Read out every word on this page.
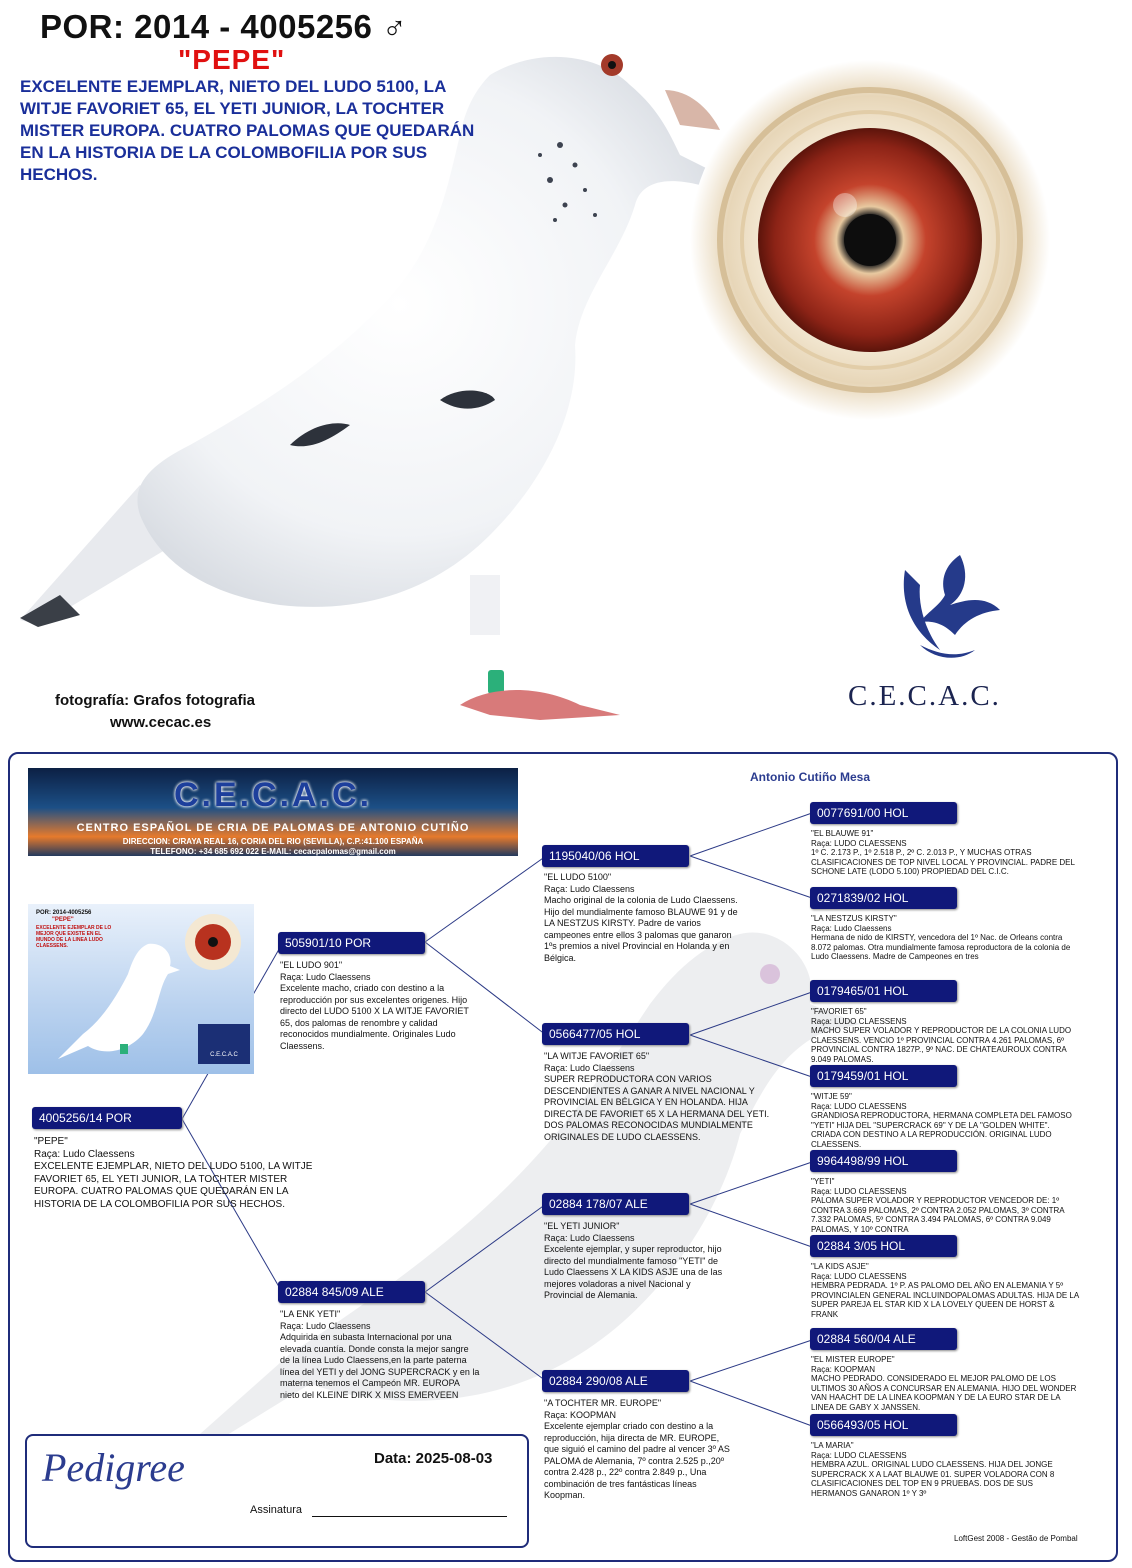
POR: 2014 - 4005256 ♂
"PEPE"
EXCELENTE EJEMPLAR, NIETO DEL LUDO 5100, LA WITJE FAVORIET 65, EL YETI JUNIOR, LA TOCHTER MISTER EUROPA. CUATRO PALOMAS QUE QUEDARÁN EN LA HISTORIA DE LA COLOMBOFILIA POR SUS HECHOS.
fotografía: Grafos fotografia
www.cecac.es
C.E.C.A.C.
Antonio Cutiño Mesa
C.E.C.A.C.
CENTRO ESPAÑOL DE CRIA DE PALOMAS DE ANTONIO CUTIÑO
DIRECCION: C/RAYA REAL 16, CORIA DEL RIO (SEVILLA), C.P.:41.100 ESPAÑA
TELEFONO: +34 685 692 022 E-MAIL: cecacpalomas@gmail.com
POR: 2014-4005256
"PEPE"
EXCELENTE EJEMPLAR DE LO MEJOR QUE EXISTE EN EL MUNDO DE LA LINEA LUDO CLAESSENS.
C.E.C.A.C
4005256/14 POR
"PEPE"
Raça: Ludo Claessens
EXCELENTE EJEMPLAR, NIETO DEL LUDO 5100, LA WITJE FAVORIET 65, EL YETI JUNIOR, LA TOCHTER MISTER EUROPA. CUATRO PALOMAS QUE QUEDARÁN EN LA HISTORIA DE LA COLOMBOFILIA POR SUS HECHOS.
505901/10 POR
"EL LUDO 901"
Raça: Ludo Claessens
Excelente macho, criado con destino a la reproducción por sus excelentes origenes. Hijo directo del LUDO 5100 X LA WITJE FAVORIET 65, dos palomas de renombre y calidad reconocidos mundialmente. Originales Ludo Claessens.
02884 845/09 ALE
"LA ENK YETI"
Raça: Ludo Claessens
Adquirida en subasta Internacional por una elevada cuantía. Donde consta la mejor sangre de la línea Ludo Claessens,en la parte paterna línea del YETI y del JONG SUPERCRACK y en la materna tenemos el Campeón MR. EUROPA nieto del KLEINE DIRK X MISS EMERVEEN
1195040/06 HOL
"EL LUDO 5100"
Raça: Ludo Claessens
Macho original de la colonia de Ludo Claessens. Hijo del mundialmente famoso BLAUWE 91 y de LA NESTZUS KIRSTY. Padre de varios campeones entre ellos 3 palomas que ganaron 1ºs premios a nivel Provincial en Holanda y en Bélgica.
0566477/05 HOL
"LA WITJE FAVORIET 65"
Raça: Ludo Claessens
SUPER REPRODUCTORA CON VARIOS DESCENDIENTES A GANAR A NIVEL NACIONAL Y PROVINCIAL EN BÉLGICA Y EN HOLANDA. HIJA DIRECTA DE FAVORIET 65 X LA HERMANA DEL YETI. DOS PALOMAS RECONOCIDAS MUNDIALMENTE ORIGINALES DE LUDO CLAESSENS.
02884 178/07 ALE
"EL YETI JUNIOR"
Raça: Ludo Claessens
Excelente ejemplar, y super reproductor, hijo directo del mundialmente famoso "YETI" de Ludo Claessens X LA KIDS ASJE una de las mejores voladoras a nivel Nacional y Provincial de Alemania.
02884 290/08 ALE
"A TOCHTER MR. EUROPE"
Raça: KOOPMAN
Excelente ejemplar criado con destino a la reproducción, hija directa de MR. EUROPE, que siguió el camino del padre al vencer 3º AS PALOMA de Alemania, 7º contra 2.525 p.,20º contra 2.428 p., 22º contra 2.849 p., Una combinación de tres fantásticas líneas Koopman.
0077691/00 HOL
"EL BLAUWE 91"
Raça: LUDO CLAESSENS
1º C. 2.173 P., 1º 2.518 P., 2º C. 2.013 P., Y MUCHAS OTRAS CLASIFICACIONES DE TOP NIVEL LOCAL Y PROVINCIAL. PADRE DEL SCHONE LATE (LODO 5.100) PROPIEDAD DEL C.I.C.
0271839/02 HOL
"LA NESTZUS KIRSTY"
Raça: Ludo Claessens
Hermana de nido de KIRSTY, vencedora del 1º Nac. de Orleans contra 8.072 palomas. Otra mundialmente famosa reproductora de la colonia de Ludo Claessens. Madre de Campeones en tres
0179465/01 HOL
"FAVORIET 65"
Raça: LUDO CLAESSENS
MACHO SUPER VOLADOR Y REPRODUCTOR DE LA COLONIA LUDO CLAESSENS. VENCIO 1º PROVINCIAL CONTRA 4.261 PALOMAS, 6º PROVINCIAL CONTRA 1827P., 9º NAC. DE CHATEAUROUX CONTRA 9.049 PALOMAS.
0179459/01 HOL
"WITJE 59"
Raça: LUDO CLAESSENS
GRANDIOSA REPRODUCTORA, HERMANA COMPLETA DEL FAMOSO "YETI" HIJA DEL "SUPERCRACK 69" Y DE LA "GOLDEN WHITE". CRIADA CON DESTINO A LA REPRODUCCIÓN. ORIGINAL LUDO CLAESSENS.
9964498/99 HOL
"YETI"
Raça: LUDO CLAESSENS
PALOMA SUPER VOLADOR Y REPRODUCTOR VENCEDOR DE: 1º CONTRA 3.669 PALOMAS, 2º CONTRA 2.052 PALOMAS, 3º CONTRA 7.332 PALOMAS, 5º CONTRA 3.494 PALOMAS, 6º CONTRA 9.049 PALOMAS, Y 10º CONTRA
02884 3/05 HOL
"LA KIDS ASJE"
Raça: LUDO CLAESSENS
HEMBRA PEDRADA. 1º P. AS PALOMO DEL AÑO EN ALEMANIA Y 5º PROVINCIALEN GENERAL INCLUINDOPALOMAS ADULTAS. HIJA DE LA SUPER PAREJA EL STAR KID X LA LOVELY QUEEN DE HORST & FRANK
02884 560/04 ALE
"EL MISTER EUROPE"
Raça: KOOPMAN
MACHO PEDRADO. CONSIDERADO EL MEJOR PALOMO DE LOS ULTIMOS 30 AÑOS A CONCURSAR EN ALEMANIA. HIJO DEL WONDER VAN HAACHT DE LA LINEA KOOPMAN Y DE LA EURO STAR DE LA LINEA DE GABY X JANSSEN.
0566493/05 HOL
"LA MARIA"
Raça: LUDO CLAESSENS
HEMBRA AZUL. ORIGINAL LUDO CLAESSENS. HIJA DEL JONGE SUPERCRACK X A LAAT BLAUWE 01. SUPER VOLADORA CON 8 CLASIFICACIONES DEL TOP EN 9 PRUEBAS. DOS DE SUS HERMANOS GANARON 1º Y 3º
Pedigree	Data: 2025-08-03
Assinatura
LoftGest 2008 - Gestão de Pombal
